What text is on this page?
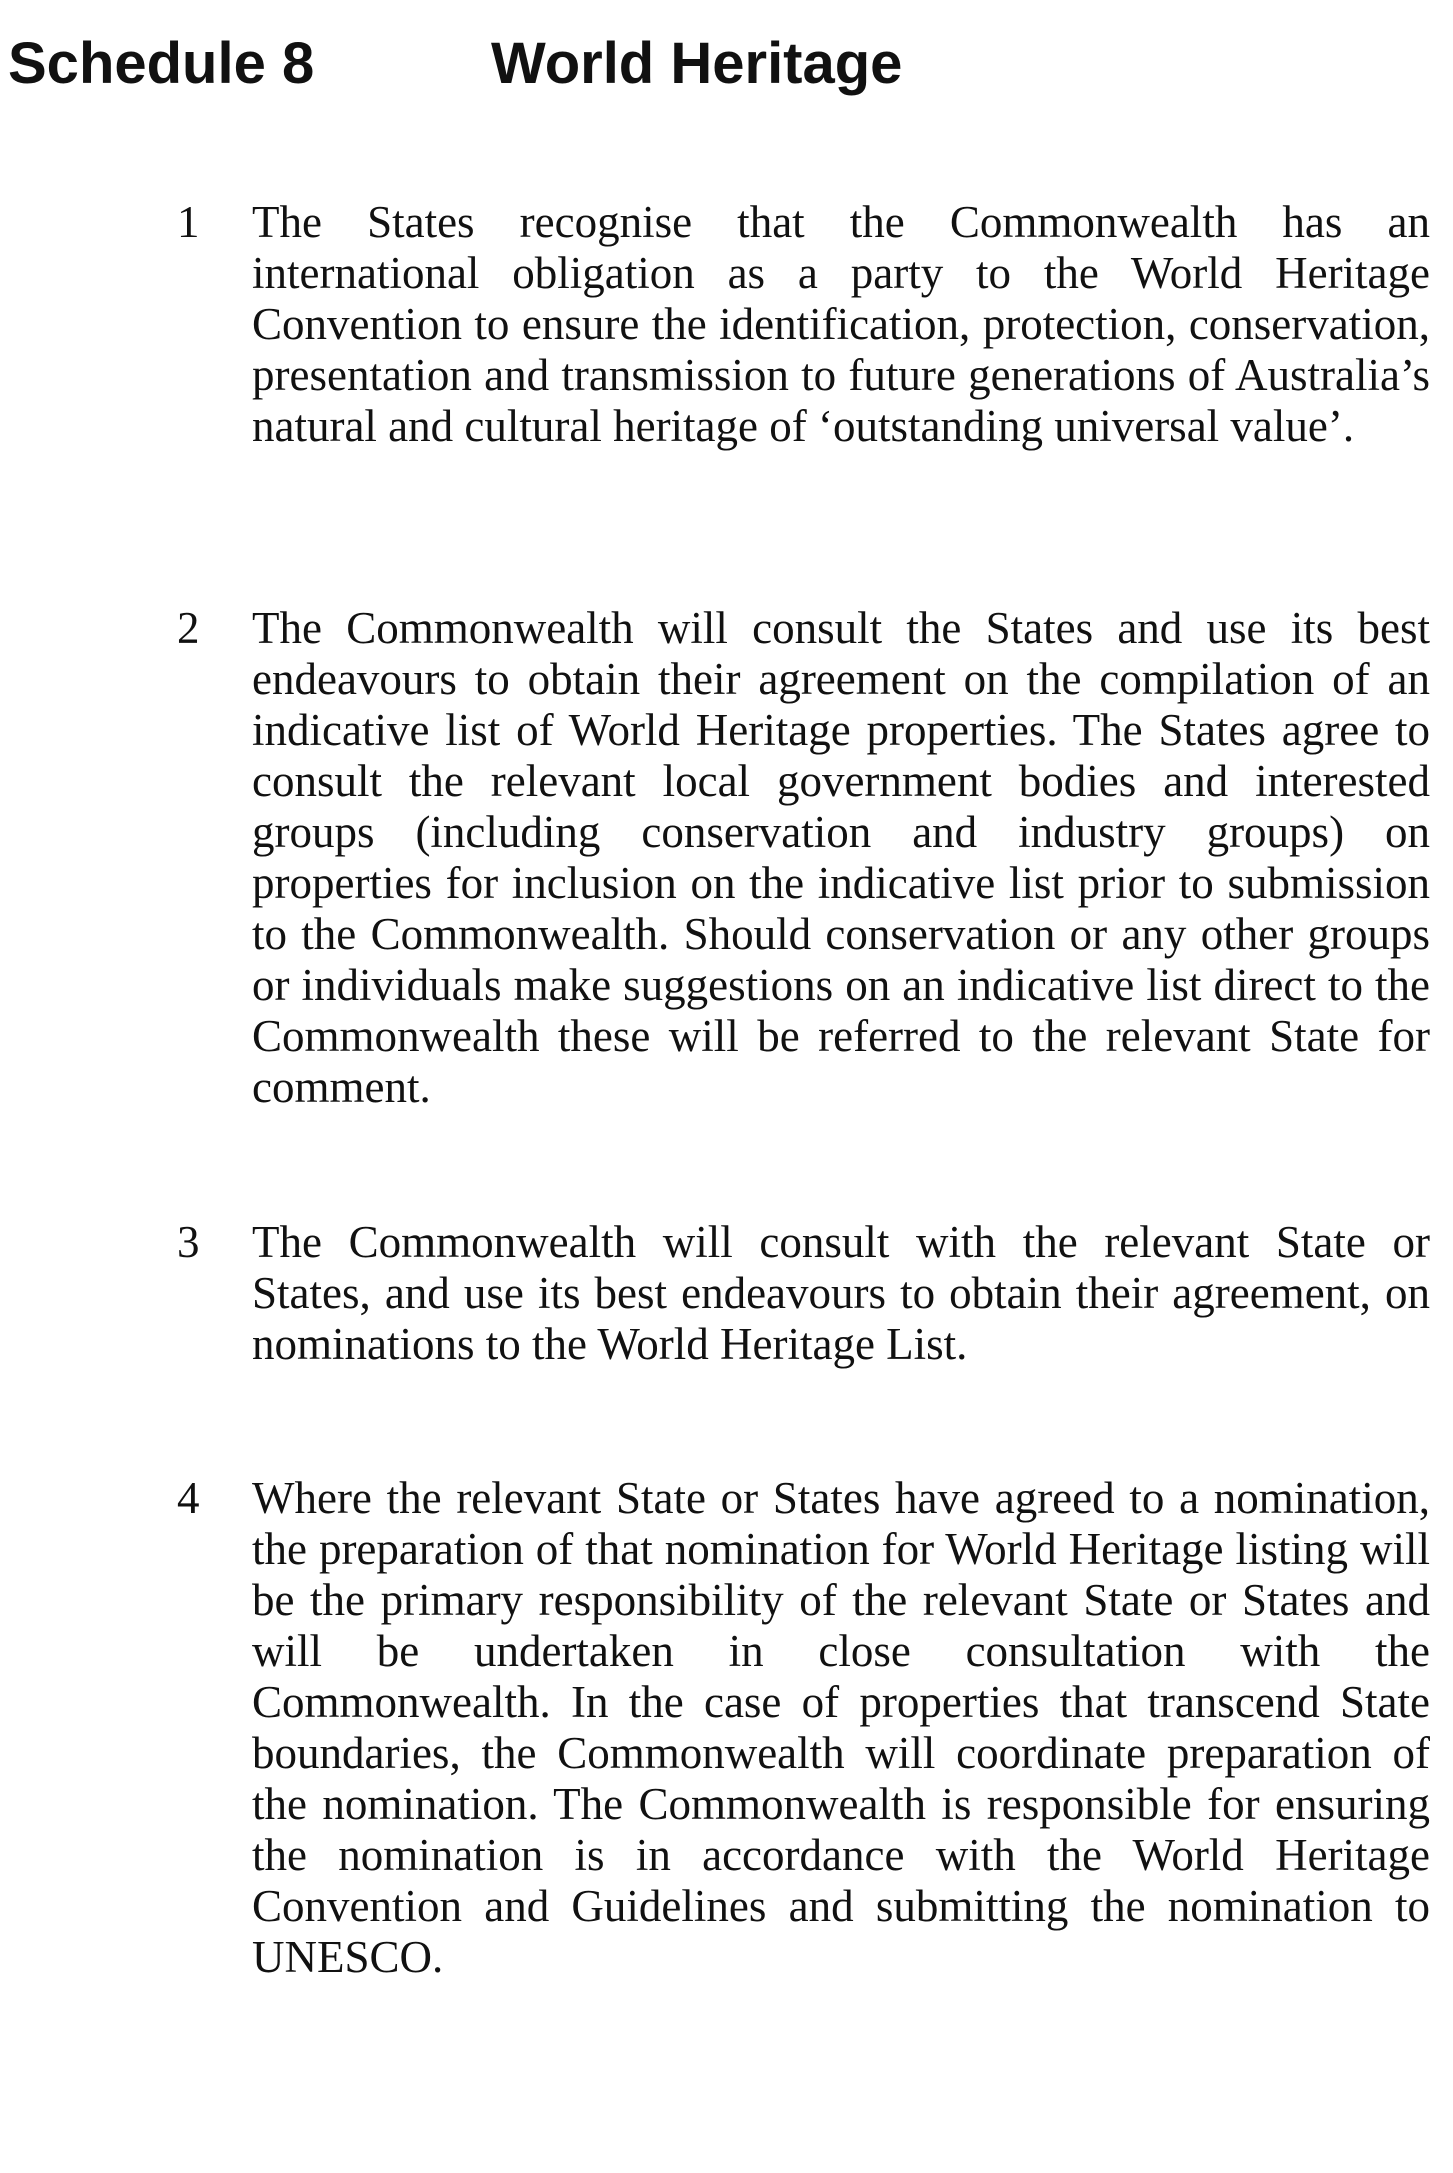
Schedule 8	World Heritage
1	The States recognise that the Commonwealth has an international obligation as a party to the World Heritage Convention to ensure the identification, protection, conservation, presentation and transmission to future generations of Australia’s natural and cultural heritage of ‘outstanding universal value’.

2	The Commonwealth will consult the States and use its best endeavours to obtain their agreement on the compilation of an indicative list of World Heritage properties. The States agree to consult the relevant local government bodies and interested groups (including conservation and industry groups) on properties for inclusion on the indicative list prior to submission to the Commonwealth. Should conservation or any other groups or individuals make suggestions on an indicative list direct to the Commonwealth these will be referred to the relevant State for comment.

3	The Commonwealth will consult with the relevant State or States, and use its best endeavours to obtain their agreement, on nominations to the World Heritage List.

4	Where the relevant State or States have agreed to a nomination, the preparation of that nomination for World Heritage listing will be the primary responsibility of the relevant State or States and will be undertaken in close consultation with the Commonwealth. In the case of properties that transcend State boundaries, the Commonwealth will coordinate preparation of the nomination. The Commonwealth is responsible for ensuring the nomination is in accordance with the World Heritage Convention and Guidelines and submitting the nomination to UNESCO.
